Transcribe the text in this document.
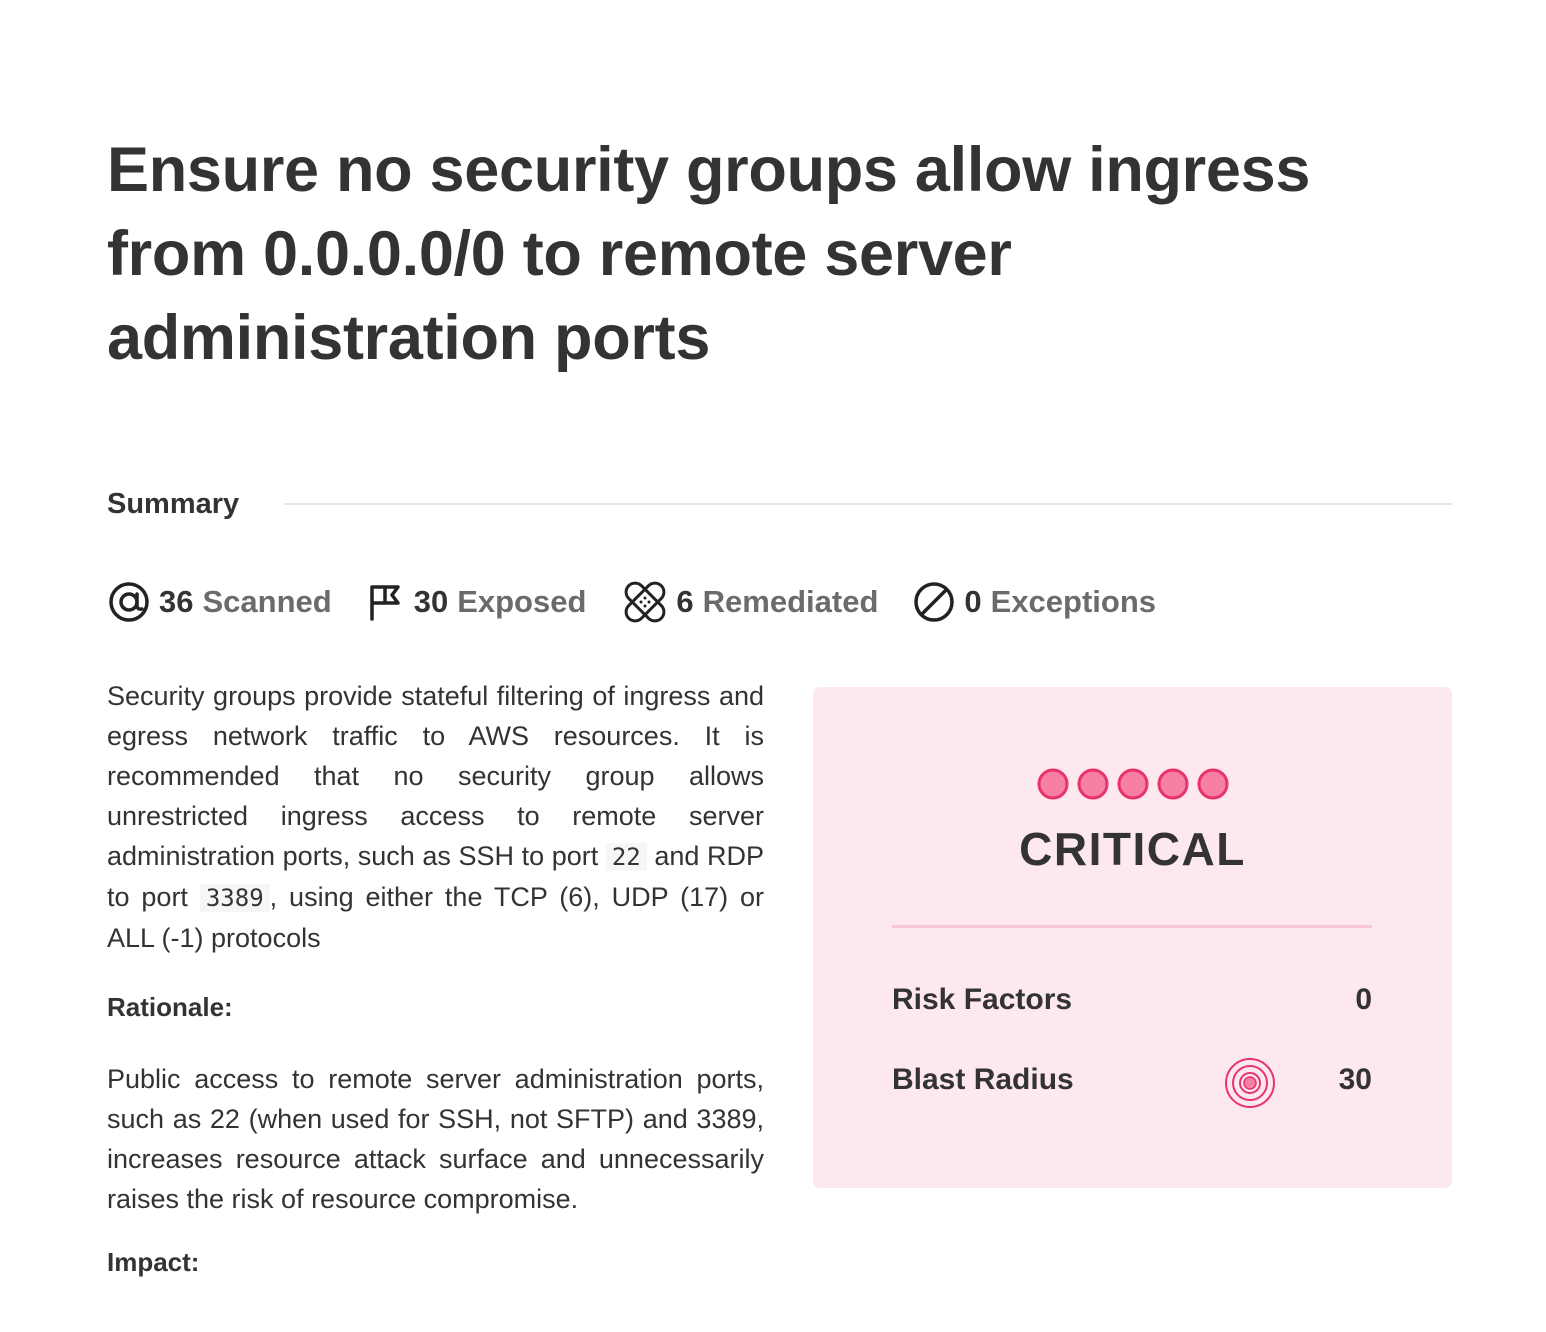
Ensure no security groups allow ingress from 0.0.0.0/0 to remote server administration ports
Summary
36 Scanned	30 Exposed	6 Remediated	0 Exceptions

Security groups provide stateful filtering of ingress and egress network traffic to AWS resources. It is recommended that no security group allows unrestricted ingress access to remote server administration ports, such as SSH to port 22 and RDP to port 3389 , using either the TCP (6), UDP (17) or ALL (-1) protocols

Rationale:

Public access to remote server administration ports, such as 22 (when used for SSH, not SFTP) and 3389, increases resource attack surface and unnecessarily raises the risk of resource compromise.

Impact:

CRITICAL
Risk Factors	0
Blast Radius	30
